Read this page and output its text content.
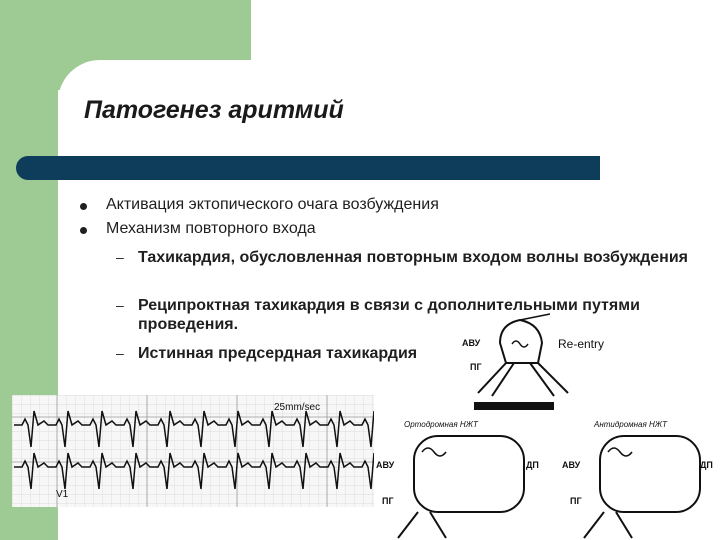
Патогенез аритмий
Активация эктопического очага возбуждения
Механизм повторного входа
– Тахикардия, обусловленная повторным входом волны возбуждения
– Реципроктная тахикардия в связи с дополнительными путями проведения.
– Истинная предсердная тахикардия
25mm/sec
V1
АВУ
ПГ
Re-entry
Ортодромная НЖТ
АВУ
ПГ
ДП
Антидромная НЖТ
АВУ
ПГ
ДП
